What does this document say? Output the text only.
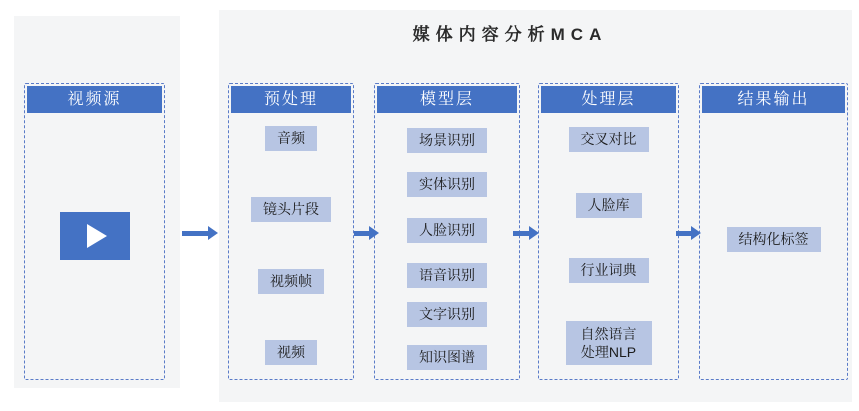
媒体内容分析MCA
视频源	预处理
音频
镜头片段
视频帧
视频
模型层
场景识别
实体识别
人脸识别
语音识别
文字识别
知识图谱
处理层
交叉对比
人脸库
行业词典
自然语言处理NLP
结果输出
结构化标签
